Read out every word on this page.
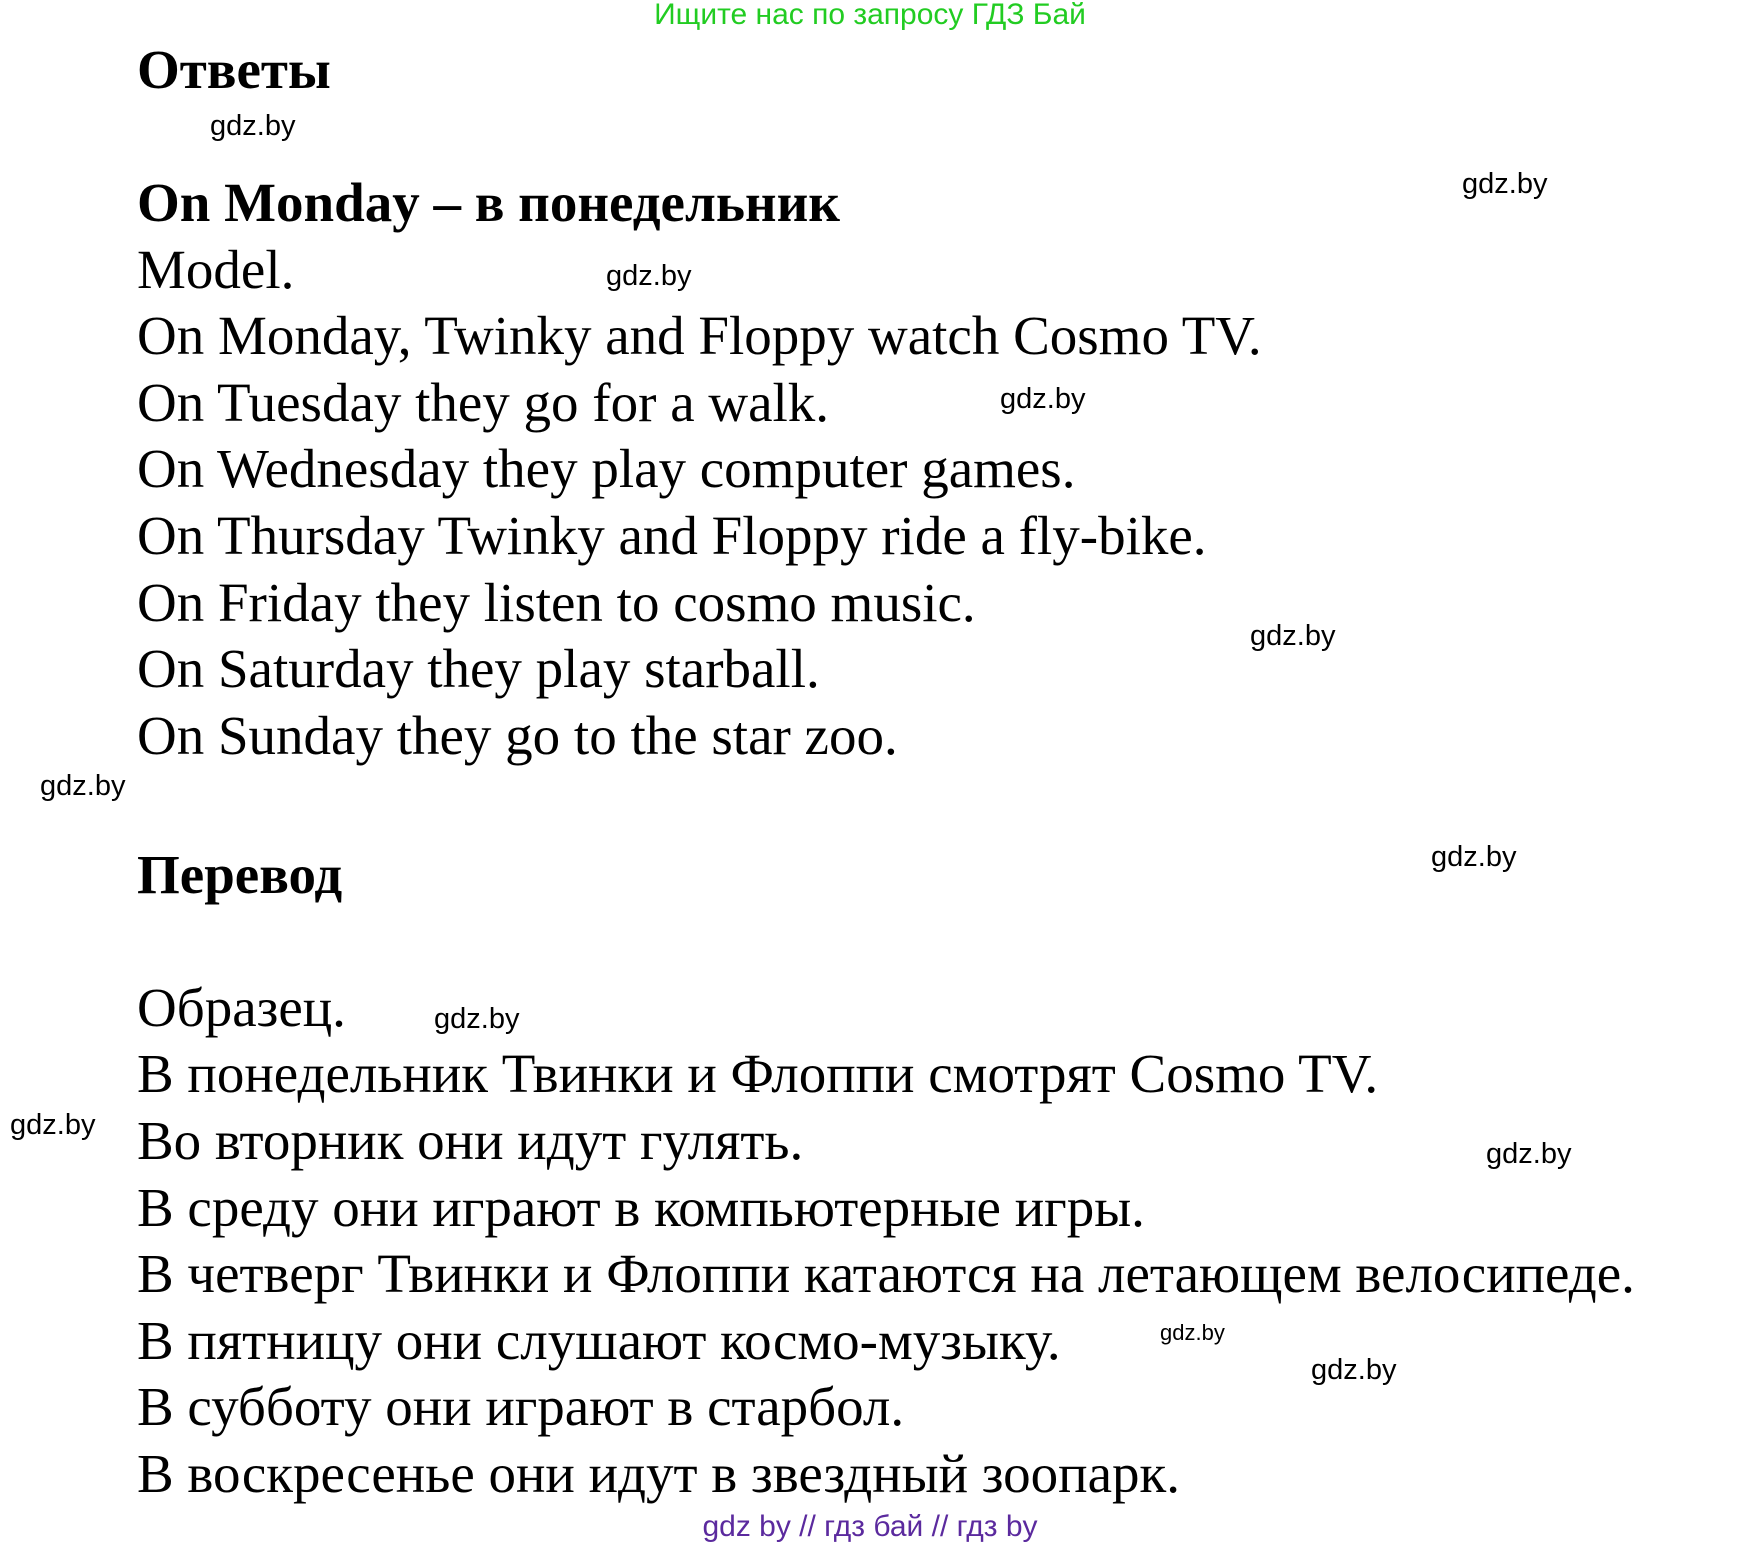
Ищите нас по запросу ГДЗ Бай
Ответы
On Monday – в понедельник
Model.
On Monday, Twinky and Floppy watch Cosmo TV.
On Tuesday they go for a walk.
On Wednesday they play computer games.
On Thursday Twinky and Floppy ride a fly-bike.
On Friday they listen to cosmo music.
On Saturday they play starball.
On Sunday they go to the star zoo.
Перевод
Образец.
В понедельник Твинки и Флоппи смотрят Cosmo TV.
Во вторник они идут гулять.
В среду они играют в компьютерные игры.
В четверг Твинки и Флоппи катаются на летающем велосипеде.
В пятницу они слушают космо-музыку.
В субботу они играют в старбол.
В воскресенье они идут в звездный зоопарк.
gdz.by
gdz.by
gdz.by
gdz.by
gdz.by
gdz.by
gdz.by
gdz.by
gdz.by
gdz.by
gdz.by
gdz.by
gdz by // гдз бай // гдз by
